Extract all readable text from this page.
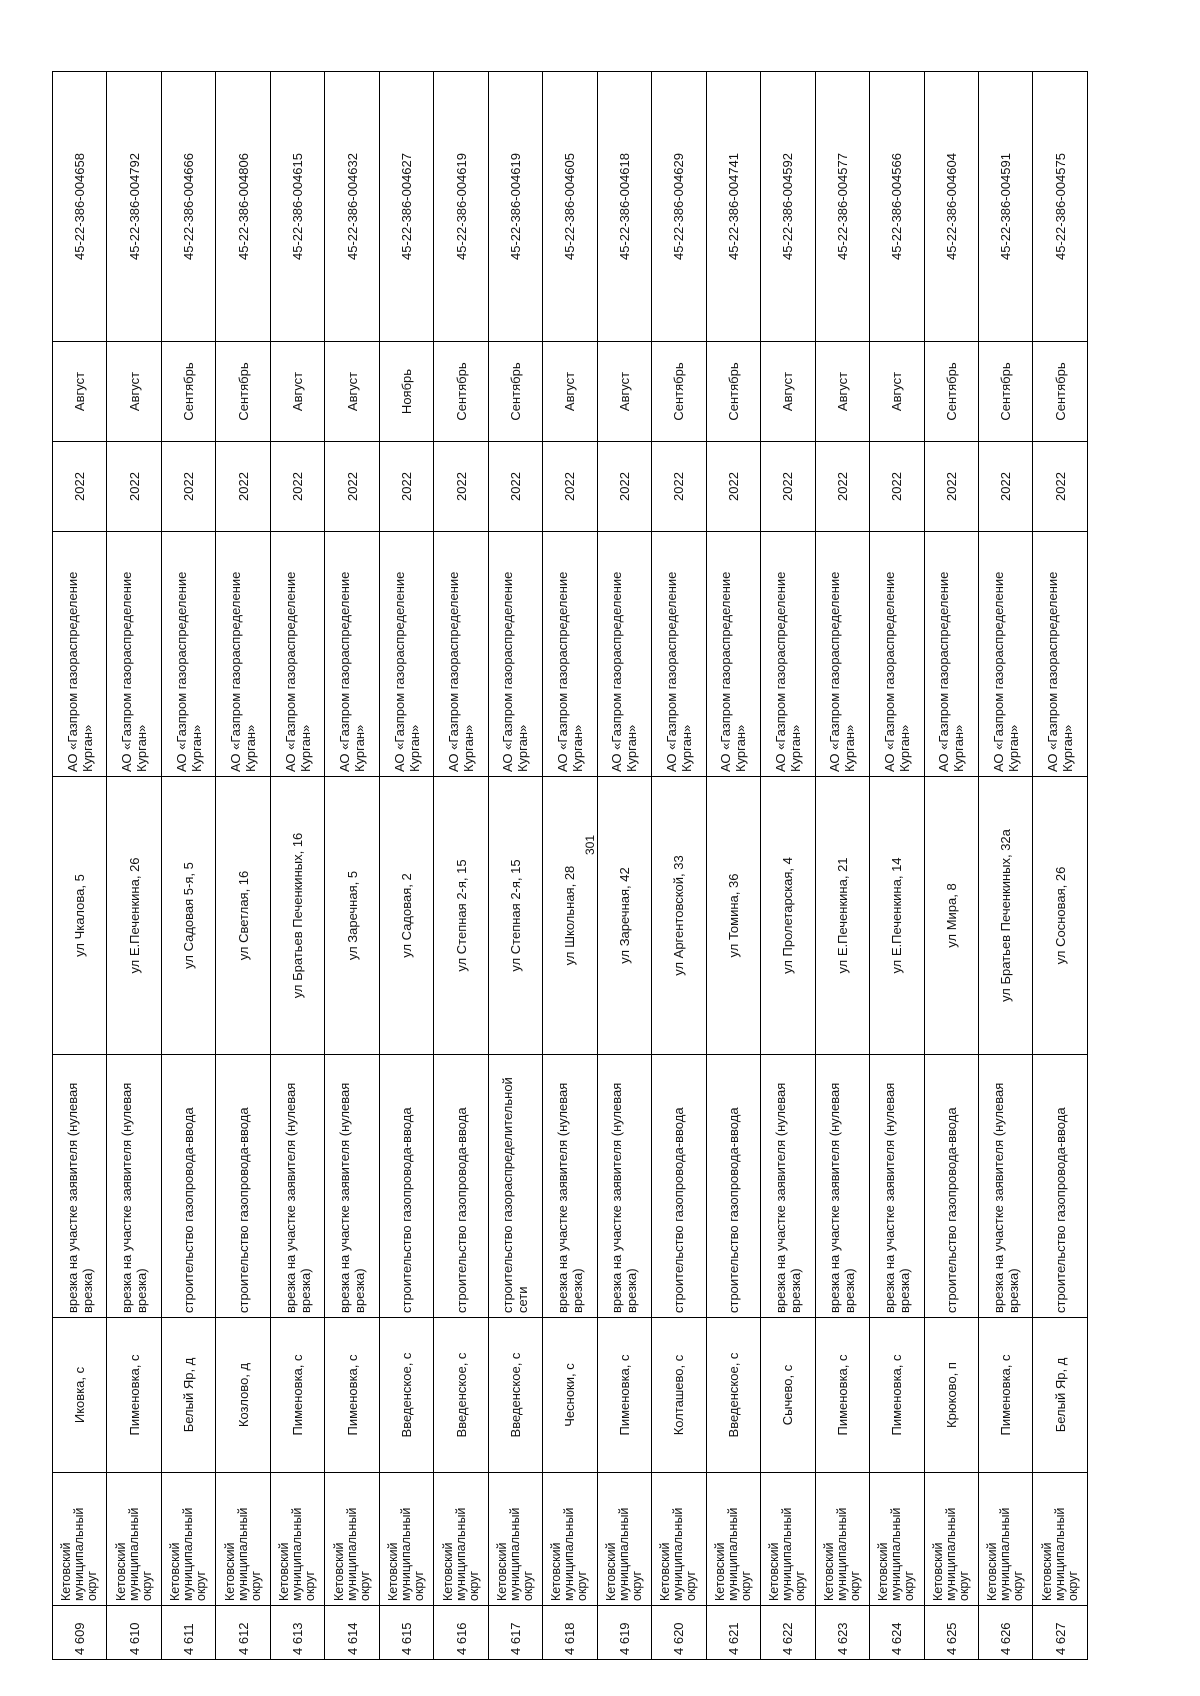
301
4 609	Кетовский муниципальный округ	Иковка, с	врезка на участке заявителя (нулевая врезка)	ул Чкалова, 5	АО «Газпром газораспределение Курган»	2022	Август	45-22-386-004658
4 610	Кетовский муниципальный округ	Пименовка, с	врезка на участке заявителя (нулевая врезка)	ул Е.Печенкина, 26	АО «Газпром газораспределение Курган»	2022	Август	45-22-386-004792
4 611	Кетовский муниципальный округ	Белый Яр, д	строительство газопровода-ввода	ул Садовая 5-я, 5	АО «Газпром газораспределение Курган»	2022	Сентябрь	45-22-386-004666
4 612	Кетовский муниципальный округ	Козлово, д	строительство газопровода-ввода	ул Светлая, 16	АО «Газпром газораспределение Курган»	2022	Сентябрь	45-22-386-004806
4 613	Кетовский муниципальный округ	Пименовка, с	врезка на участке заявителя (нулевая врезка)	ул Братьев Печенкиных, 16	АО «Газпром газораспределение Курган»	2022	Август	45-22-386-004615
4 614	Кетовский муниципальный округ	Пименовка, с	врезка на участке заявителя (нулевая врезка)	ул Заречная, 5	АО «Газпром газораспределение Курган»	2022	Август	45-22-386-004632
4 615	Кетовский муниципальный округ	Введенское, с	строительство газопровода-ввода	ул Садовая, 2	АО «Газпром газораспределение Курган»	2022	Ноябрь	45-22-386-004627
4 616	Кетовский муниципальный округ	Введенское, с	строительство газопровода-ввода	ул Степная 2-я, 15	АО «Газпром газораспределение Курган»	2022	Сентябрь	45-22-386-004619
4 617	Кетовский муниципальный округ	Введенское, с	строительство газораспределительной сети	ул Степная 2-я, 15	АО «Газпром газораспределение Курган»	2022	Сентябрь	45-22-386-004619
4 618	Кетовский муниципальный округ	Чесноки, с	врезка на участке заявителя (нулевая врезка)	ул Школьная, 28	АО «Газпром газораспределение Курган»	2022	Август	45-22-386-004605
4 619	Кетовский муниципальный округ	Пименовка, с	врезка на участке заявителя (нулевая врезка)	ул Заречная, 42	АО «Газпром газораспределение Курган»	2022	Август	45-22-386-004618
4 620	Кетовский муниципальный округ	Колташево, с	строительство газопровода-ввода	ул Аргентовской, 33	АО «Газпром газораспределение Курган»	2022	Сентябрь	45-22-386-004629
4 621	Кетовский муниципальный округ	Введенское, с	строительство газопровода-ввода	ул Томина, 36	АО «Газпром газораспределение Курган»	2022	Сентябрь	45-22-386-004741
4 622	Кетовский муниципальный округ	Сычево, с	врезка на участке заявителя (нулевая врезка)	ул Пролетарская, 4	АО «Газпром газораспределение Курган»	2022	Август	45-22-386-004592
4 623	Кетовский муниципальный округ	Пименовка, с	врезка на участке заявителя (нулевая врезка)	ул Е.Печенкина, 21	АО «Газпром газораспределение Курган»	2022	Август	45-22-386-004577
4 624	Кетовский муниципальный округ	Пименовка, с	врезка на участке заявителя (нулевая врезка)	ул Е.Печенкина, 14	АО «Газпром газораспределение Курган»	2022	Август	45-22-386-004566
4 625	Кетовский муниципальный округ	Крюково, п	строительство газопровода-ввода	ул Мира, 8	АО «Газпром газораспределение Курган»	2022	Сентябрь	45-22-386-004604
4 626	Кетовский муниципальный округ	Пименовка, с	врезка на участке заявителя (нулевая врезка)	ул Братьев Печенкиных, 32а	АО «Газпром газораспределение Курган»	2022	Сентябрь	45-22-386-004591
4 627	Кетовский муниципальный округ	Белый Яр, д	строительство газопровода-ввода	ул Сосновая, 26	АО «Газпром газораспределение Курган»	2022	Сентябрь	45-22-386-004575
